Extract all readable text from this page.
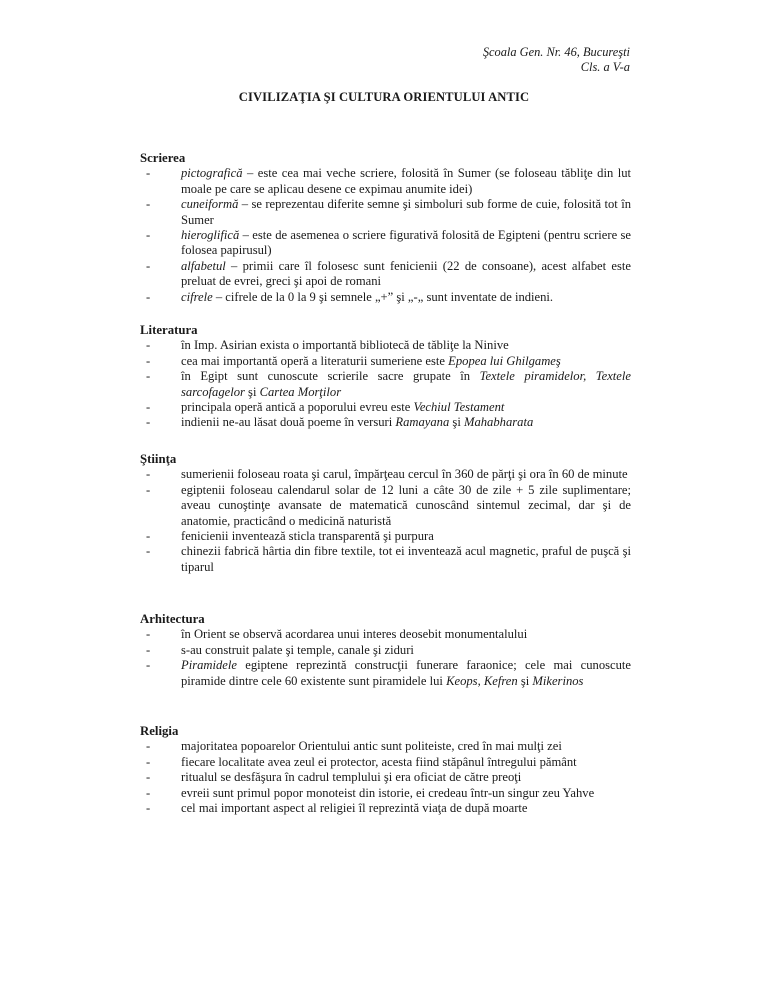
Şcoala Gen. Nr. 46, Bucureşti
Cls. a V-a
CIVILIZAŢIA ŞI CULTURA ORIENTULUI ANTIC
Scrierea
- pictografică – este cea mai veche scriere, folosită în Sumer (se foloseau tăbliţe din lut moale pe care se aplicau desene ce expimau anumite idei)
- cuneiformă – se reprezentau diferite semne şi simboluri sub forme de cuie, folosită tot în Sumer
- hieroglifică – este de asemenea o scriere figurativă folosită de Egipteni (pentru scriere se folosea papirusul)
- alfabetul – primii care îl folosesc sunt fenicienii (22 de consoane), acest alfabet este preluat de evrei, greci şi apoi de romani
- cifrele – cifrele de la 0 la 9 şi semnele „+” şi „-„ sunt inventate de indieni.
Literatura
- în Imp. Asirian exista o importantă bibliotecă de tăbliţe la Ninive
- cea mai importantă operă a literaturii sumeriene este Epopea lui Ghilgameş
- în Egipt sunt cunoscute scrierile sacre grupate în Textele piramidelor, Textele sarcofagelor şi Cartea Morţilor
- principala operă antică a poporului evreu este Vechiul Testament
- indienii ne-au lăsat două poeme în versuri Ramayana şi Mahabharata
Ştiinţa
- sumerienii foloseau roata şi carul, împărţeau cercul în 360 de părţi şi ora în 60 de minute
- egiptenii foloseau calendarul solar de 12 luni a câte 30 de zile + 5 zile suplimentare; aveau cunoştinţe avansate de matematică cunoscând sintemul zecimal, dar şi de anatomie, practicând o medicină naturistă
- fenicienii inventează sticla transparentă şi purpura
- chinezii fabrică hârtia din fibre textile, tot ei inventează acul magnetic, praful de puşcă şi tiparul
Arhitectura
- în Orient se observă acordarea unui interes deosebit monumentalului
- s-au construit palate şi temple, canale şi ziduri
- Piramidele egiptene reprezintă construcţii funerare faraonice; cele mai cunoscute piramide dintre cele 60 existente sunt piramidele lui Keops, Kefren şi Mikerinos
Religia
- majoritatea popoarelor Orientului antic sunt politeiste, cred în mai mulţi zei
- fiecare localitate avea zeul ei protector, acesta fiind stăpânul întregului pământ
- ritualul se desfăşura în cadrul templului şi era oficiat de către preoţi
- evreii sunt primul popor monoteist din istorie, ei credeau într-un singur zeu Yahve
- cel mai important aspect al religiei îl reprezintă viaţa de după moarte
